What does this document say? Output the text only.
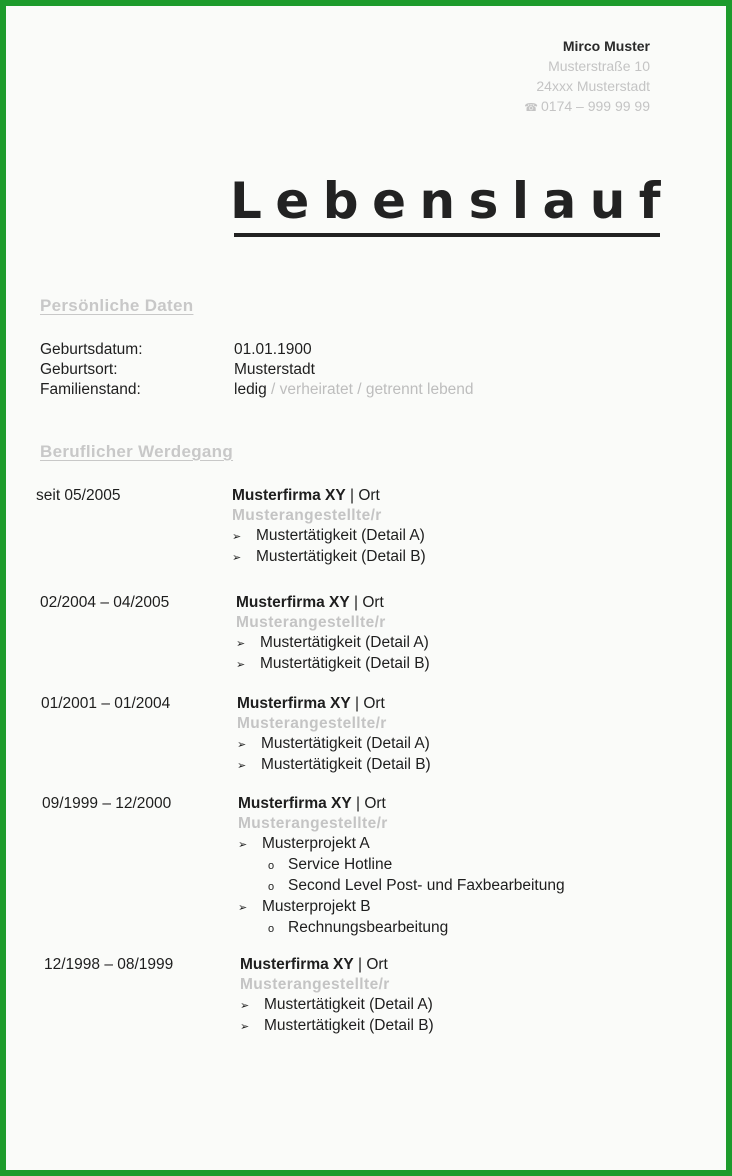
Mirco Muster
Musterstraße 10
24xxx Musterstadt
☎ 0174 – 999 99 99
Lebenslauf
Persönliche Daten
Geburtsdatum:	01.01.1900
Geburtsort:	Musterstadt
Familienstand:	ledig / verheiratet / getrennt lebend
Beruflicher Werdegang
seit 05/2005	Musterfirma XY | Ort
Musterangestellte/r
➢ Mustertätigkeit (Detail A)
➢ Mustertätigkeit (Detail B)
02/2004 – 04/2005	Musterfirma XY | Ort
Musterangestellte/r
➢ Mustertätigkeit (Detail A)
➢ Mustertätigkeit (Detail B)
01/2001 – 01/2004	Musterfirma XY | Ort
Musterangestellte/r
➢ Mustertätigkeit (Detail A)
➢ Mustertätigkeit (Detail B)
09/1999 – 12/2000	Musterfirma XY | Ort
Musterangestellte/r
➢ Musterprojekt A
o Service Hotline
o Second Level Post- und Faxbearbeitung
➢ Musterprojekt B
o Rechnungsbearbeitung
12/1998 – 08/1999	Musterfirma XY | Ort
Musterangestellte/r
➢ Mustertätigkeit (Detail A)
➢ Mustertätigkeit (Detail B)
